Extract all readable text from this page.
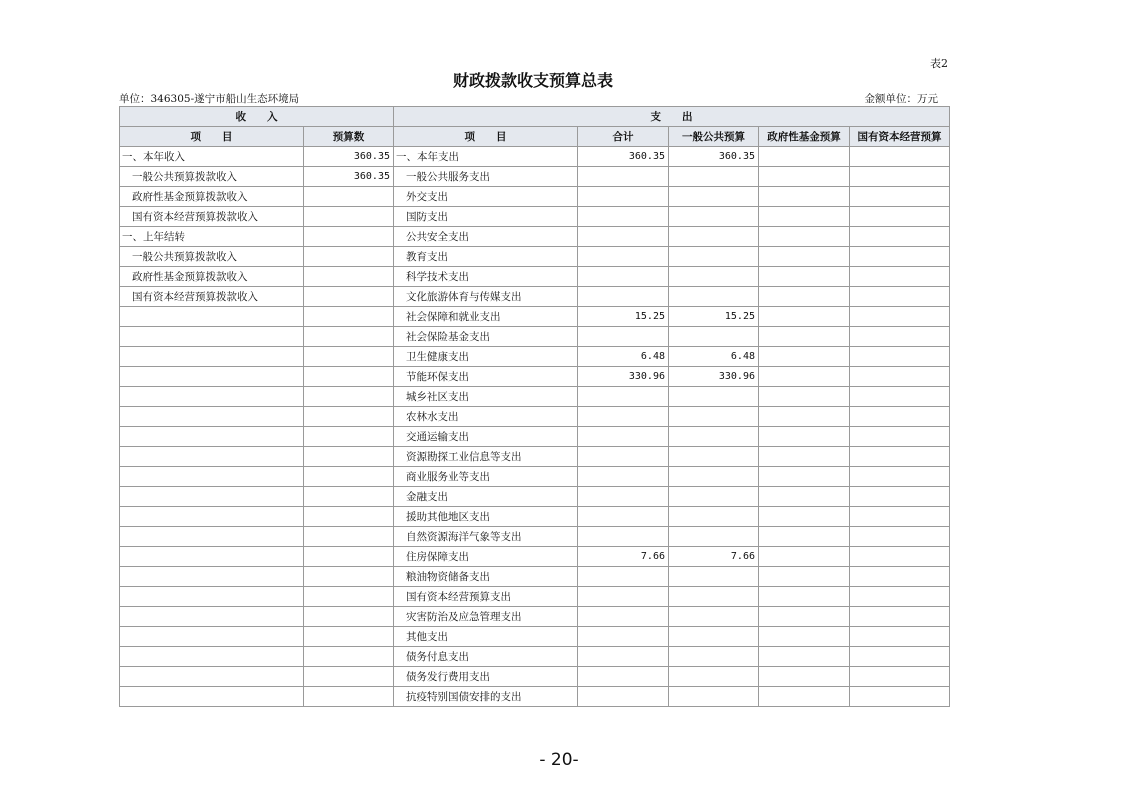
表2
财政拨款收支预算总表
单位：346305-遂宁市船山生态环境局	金额单位：万元
收　　入		支　　出				
项　　目	预算数	项　　目	合计	一般公共预算	政府性基金预算	国有资本经营预算
一、本年收入	360.35	一、本年支出	360.35	360.35		
一般公共预算拨款收入	360.35	一般公共服务支出				
政府性基金预算拨款收入		外交支出				
国有资本经营预算拨款收入		国防支出				
一、上年结转		公共安全支出				
一般公共预算拨款收入		教育支出				
政府性基金预算拨款收入		科学技术支出				
国有资本经营预算拨款收入		文化旅游体育与传媒支出				
		社会保障和就业支出	15.25	15.25		
		社会保险基金支出				
		卫生健康支出	6.48	6.48		
		节能环保支出	330.96	330.96		
		城乡社区支出				
		农林水支出				
		交通运输支出				
		资源勘探工业信息等支出				
		商业服务业等支出				
		金融支出				
		援助其他地区支出				
		自然资源海洋气象等支出				
		住房保障支出	7.66	7.66		
		粮油物资储备支出				
		国有资本经营预算支出				
		灾害防治及应急管理支出				
		其他支出				
		债务付息支出				
		债务发行费用支出				
		抗疫特别国债安排的支出				
- 20-
